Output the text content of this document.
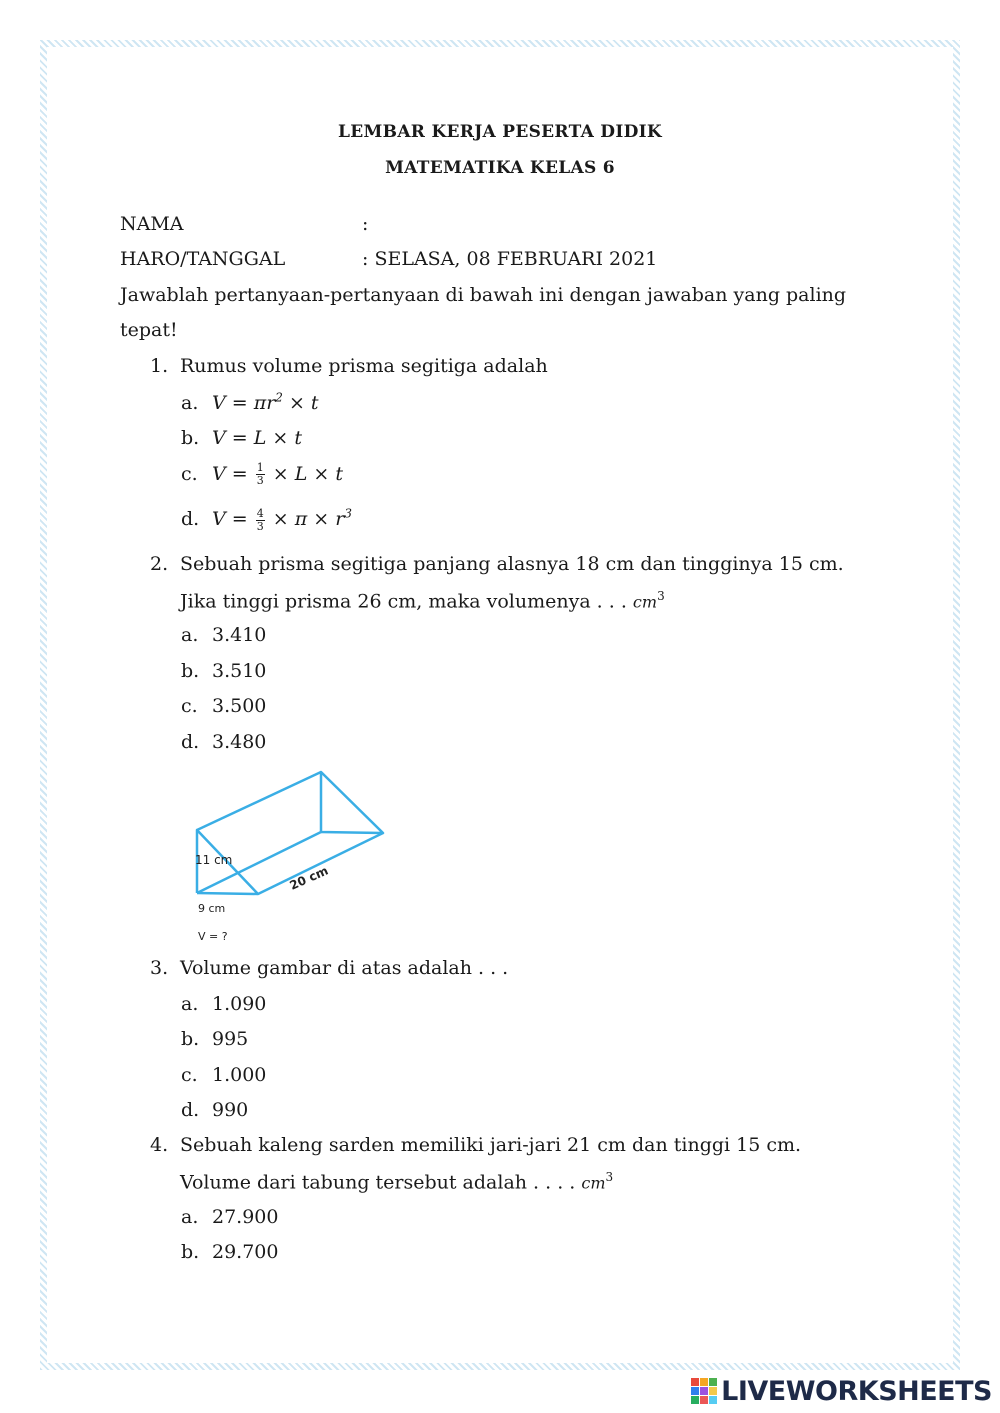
LEMBAR KERJA PESERTA DIDIK
MATEMATIKA KELAS 6
NAMA	:
HARO/TANGGAL	: SELASA, 08 FEBRUARI 2021
Jawablah pertanyaan-pertanyaan di bawah ini dengan jawaban yang paling
tepat!
1. Rumus volume prisma segitiga adalah
a. $V = \pi r^2 \times t$
b. V = L × t
c. $V = \frac{1}{3} \times L \times t$
d. $V = \frac{4}{3} \times \pi \times r^3$
2. Sebuah prisma segitiga panjang alasnya 18 cm dan tingginya 15 cm.
Jika tinggi prisma 26 cm, maka volumenya . . . $cm^3$
a. 3.410
b. 3.510
c. 3.500
d. 3.480
11 cm
20 cm
9 cm
V = ?
3. Volume gambar di atas adalah . . .
a. 1.090
b. 995
c. 1.000
d. 990
4. Sebuah kaleng sarden memiliki jari-jari 21 cm dan tinggi 15 cm.
Volume dari tabung tersebut adalah . . . . $cm^3$
a. 27.900
b. 29.700
LIVEWORKSHEETS
